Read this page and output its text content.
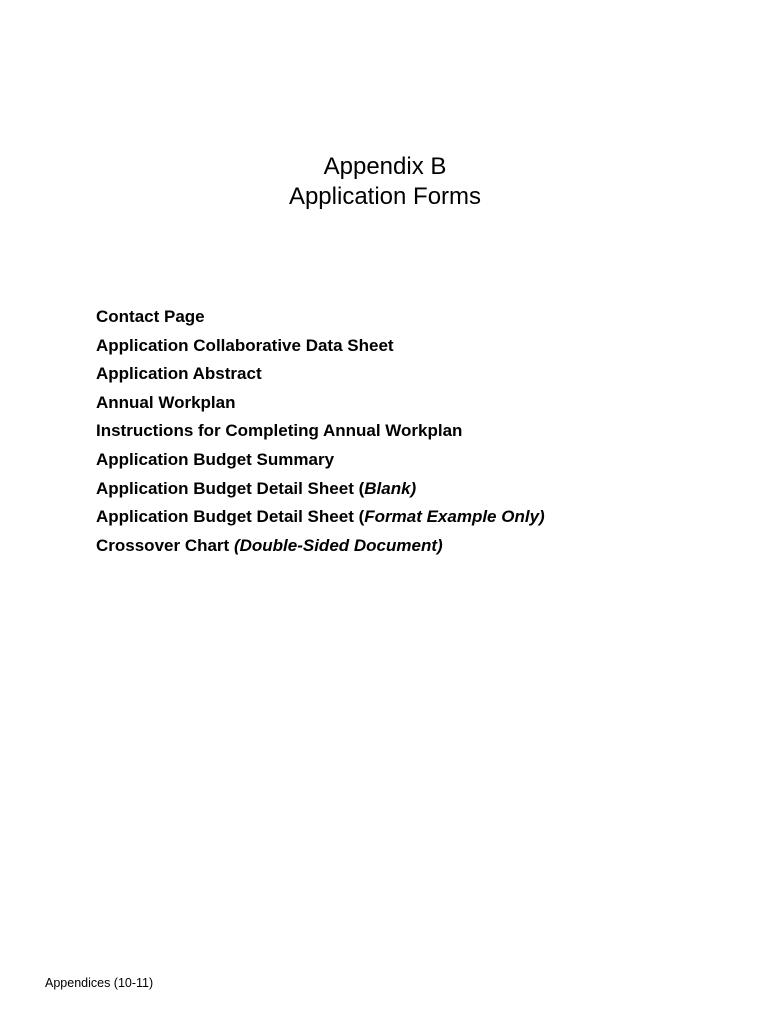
Appendix B
Application Forms
Contact Page
Application Collaborative Data Sheet
Application Abstract
Annual Workplan
Instructions for Completing Annual Workplan
Application Budget Summary
Application Budget Detail Sheet (Blank)
Application Budget Detail Sheet (Format Example Only)
Crossover Chart (Double-Sided Document)
Appendices (10-11)
